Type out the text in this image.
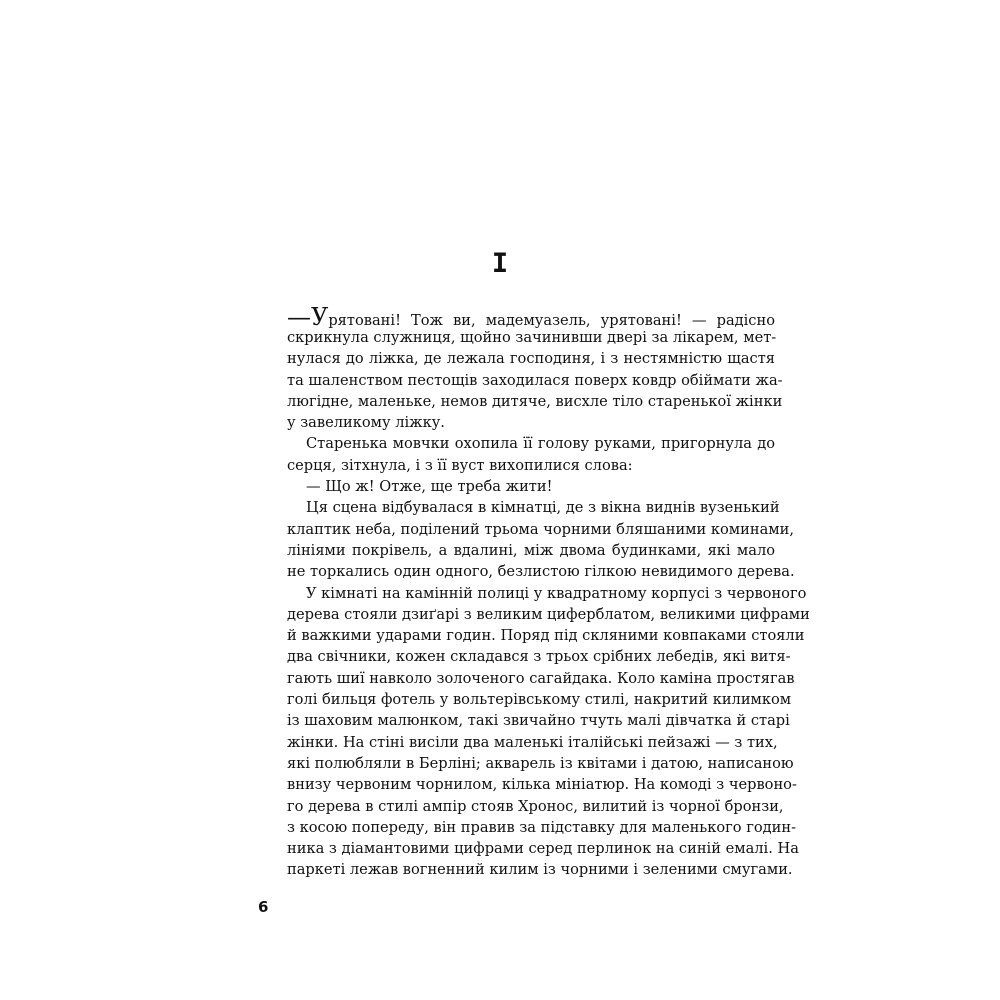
I
—Урятовані! Тож ви, мадемуазель, урятовані! — радісно
скрикнула служниця, щойно зачинивши двері за лікарем, мет-
нулася до ліжка, де лежала господиня, і з нестямністю щастя
та шаленством пестощів заходилася поверх ковдр обіймати жа-
люгідне, маленьке, немов дитяче, висхле тіло старенької жінки
у завеликому ліжку.
Старенька мовчки охопила її голову руками, пригорнула до
серця, зітхнула, і з її вуст вихопилися слова:
— Що ж! Отже, ще треба жити!
Ця сцена відбувалася в кімнатці, де з вікна виднів вузенький
клаптик неба, поділений трьома чорними бляшаними коминами,
лініями покрівель, а вдалині, між двома будинками, які мало
не торкались один одного, безлистою гілкою невидимого дерева.
У кімнаті на камінній полиці у квадратному корпусі з червоного
дерева стояли дзиґарі з великим циферблатом, великими цифрами
й важкими ударами годин. Поряд під скляними ковпаками стояли
два свічники, кожен складався з трьох срібних лебедів, які витя-
гають шиї навколо золоченого сагайдака. Коло каміна простягав
голі бильця фотель у вольтерівському стилі, накритий килимком
із шаховим малюнком, такі звичайно тчуть малі дівчатка й старі
жінки. На стіні висіли два маленькі італійські пейзажі — з тих,
які полюбляли в Берліні; акварель із квітами і датою, написаною
внизу червоним чорнилом, кілька мініатюр. На комоді з червоно-
го дерева в стилі ампір стояв Хронос, вилитий із чорної бронзи,
з косою попереду, він правив за підставку для маленького годин-
ника з діамантовими цифрами серед перлинок на синій емалі. На
паркеті лежав вогненний килим із чорними і зеленими смугами.
6
